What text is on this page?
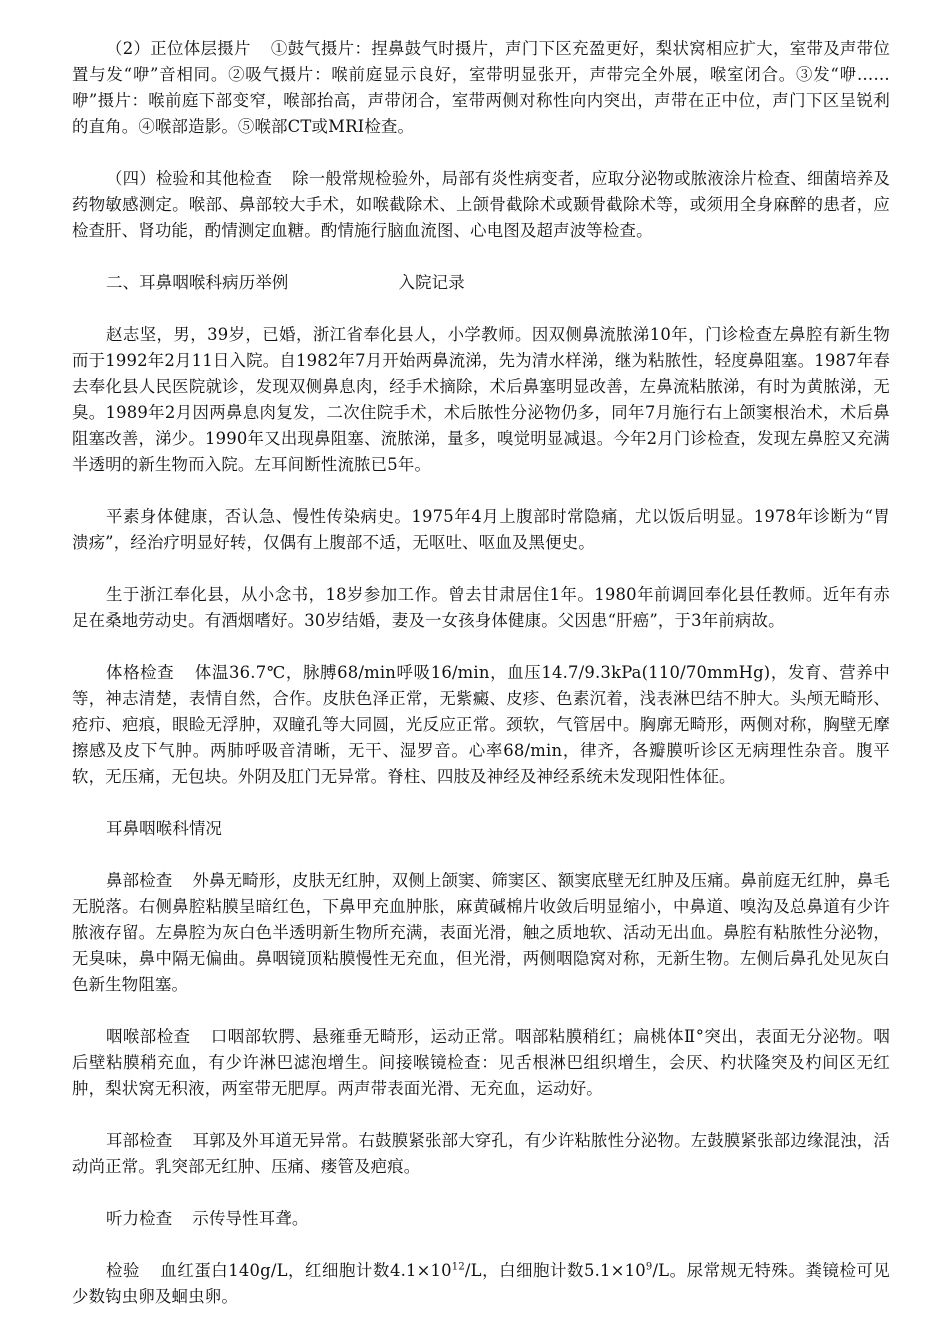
（2）正位体层摄片 ①鼓气摄片：捏鼻鼓气时摄片，声门下区充盈更好，梨状窝相应扩大，室带及声带位置与发“咿”音相同。②吸气摄片：喉前庭显示良好，室带明显张开，声带完全外展，喉室闭合。③发“咿……咿”摄片：喉前庭下部变窄，喉部抬高，声带闭合，室带两侧对称性向内突出，声带在正中位，声门下区呈锐利的直角。④喉部造影。⑤喉部CT或MRI检查。

（四）检验和其他检查 除一般常规检验外，局部有炎性病变者，应取分泌物或脓液涂片检查、细菌培养及药物敏感测定。喉部、鼻部较大手术，如喉截除术、上颌骨截除术或颞骨截除术等，或须用全身麻醉的患者，应检查肝、肾功能，酌情测定血糖。酌情施行脑血流图、心电图及超声波等检查。

二、耳鼻咽喉科病历举例	入院记录

赵志坚，男，39岁，已婚，浙江省奉化县人，小学教师。因双侧鼻流脓涕10年，门诊检查左鼻腔有新生物而于1992年2月11日入院。自1982年7月开始两鼻流涕，先为清水样涕，继为粘脓性，轻度鼻阻塞。1987年春去奉化县人民医院就诊，发现双侧鼻息肉，经手术摘除，术后鼻塞明显改善，左鼻流粘脓涕，有时为黄脓涕，无臭。1989年2月因两鼻息肉复发，二次住院手术，术后脓性分泌物仍多，同年7月施行右上颌窦根治术，术后鼻阻塞改善，涕少。1990年又出现鼻阻塞、流脓涕，量多，嗅觉明显减退。今年2月门诊检查，发现左鼻腔又充满半透明的新生物而入院。左耳间断性流脓已5年。

平素身体健康，否认急、慢性传染病史。1975年4月上腹部时常隐痛，尤以饭后明显。1978年诊断为“胃溃疡”，经治疗明显好转，仅偶有上腹部不适，无呕吐、呕血及黑便史。

生于浙江奉化县，从小念书，18岁参加工作。曾去甘肃居住1年。1980年前调回奉化县任教师。近年有赤足在桑地劳动史。有酒烟嗜好。30岁结婚，妻及一女孩身体健康。父因患“肝癌”，于3年前病故。

体格检查 体温36.7℃，脉膊68/min呼吸16/min，血压14.7/9.3kPa(110/70mmHg)，发育、营养中等，神志清楚，表情自然，合作。皮肤色泽正常，无紫癜、皮疹、色素沉着，浅表淋巴结不肿大。头颅无畸形、疮疖、疤痕，眼睑无浮肿，双瞳孔等大同圆，光反应正常。颈软，气管居中。胸廓无畸形，两侧对称，胸壁无摩擦感及皮下气肿。两肺呼吸音清晰，无干、湿罗音。心率68/min，律齐，各瓣膜听诊区无病理性杂音。腹平软，无压痛，无包块。外阴及肛门无异常。脊柱、四肢及神经及神经系统未发现阳性体征。

耳鼻咽喉科情况

鼻部检查 外鼻无畸形，皮肤无红肿，双侧上颌窦、筛窦区、额窦底壁无红肿及压痛。鼻前庭无红肿，鼻毛无脱落。右侧鼻腔粘膜呈暗红色，下鼻甲充血肿胀，麻黄碱棉片收敛后明显缩小，中鼻道、嗅沟及总鼻道有少许脓液存留。左鼻腔为灰白色半透明新生物所充满，表面光滑，触之质地软、活动无出血。鼻腔有粘脓性分泌物，无臭味，鼻中隔无偏曲。鼻咽镜顶粘膜慢性无充血，但光滑，两侧咽隐窝对称，无新生物。左侧后鼻孔处见灰白色新生物阻塞。

咽喉部检查 口咽部软腭、悬雍垂无畸形，运动正常。咽部粘膜稍红；扁桃体Ⅱ°突出，表面无分泌物。咽后壁粘膜稍充血，有少许淋巴滤泡增生。间接喉镜检查：见舌根淋巴组织增生，会厌、杓状隆突及杓间区无红肿，梨状窝无积液，两室带无肥厚。两声带表面光滑、无充血，运动好。

耳部检查 耳郭及外耳道无异常。右鼓膜紧张部大穿孔，有少许粘脓性分泌物。左鼓膜紧张部边缘混浊，活动尚正常。乳突部无红肿、压痛、瘘管及疤痕。

听力检查 示传导性耳聋。

检验 血红蛋白140g/L，红细胞计数$4.1\times 10^{12}/L$，白细胞计数$5.1\times 10^9/L$。尿常规无特殊。粪镜检可见少数钩虫卵及蛔虫卵。
